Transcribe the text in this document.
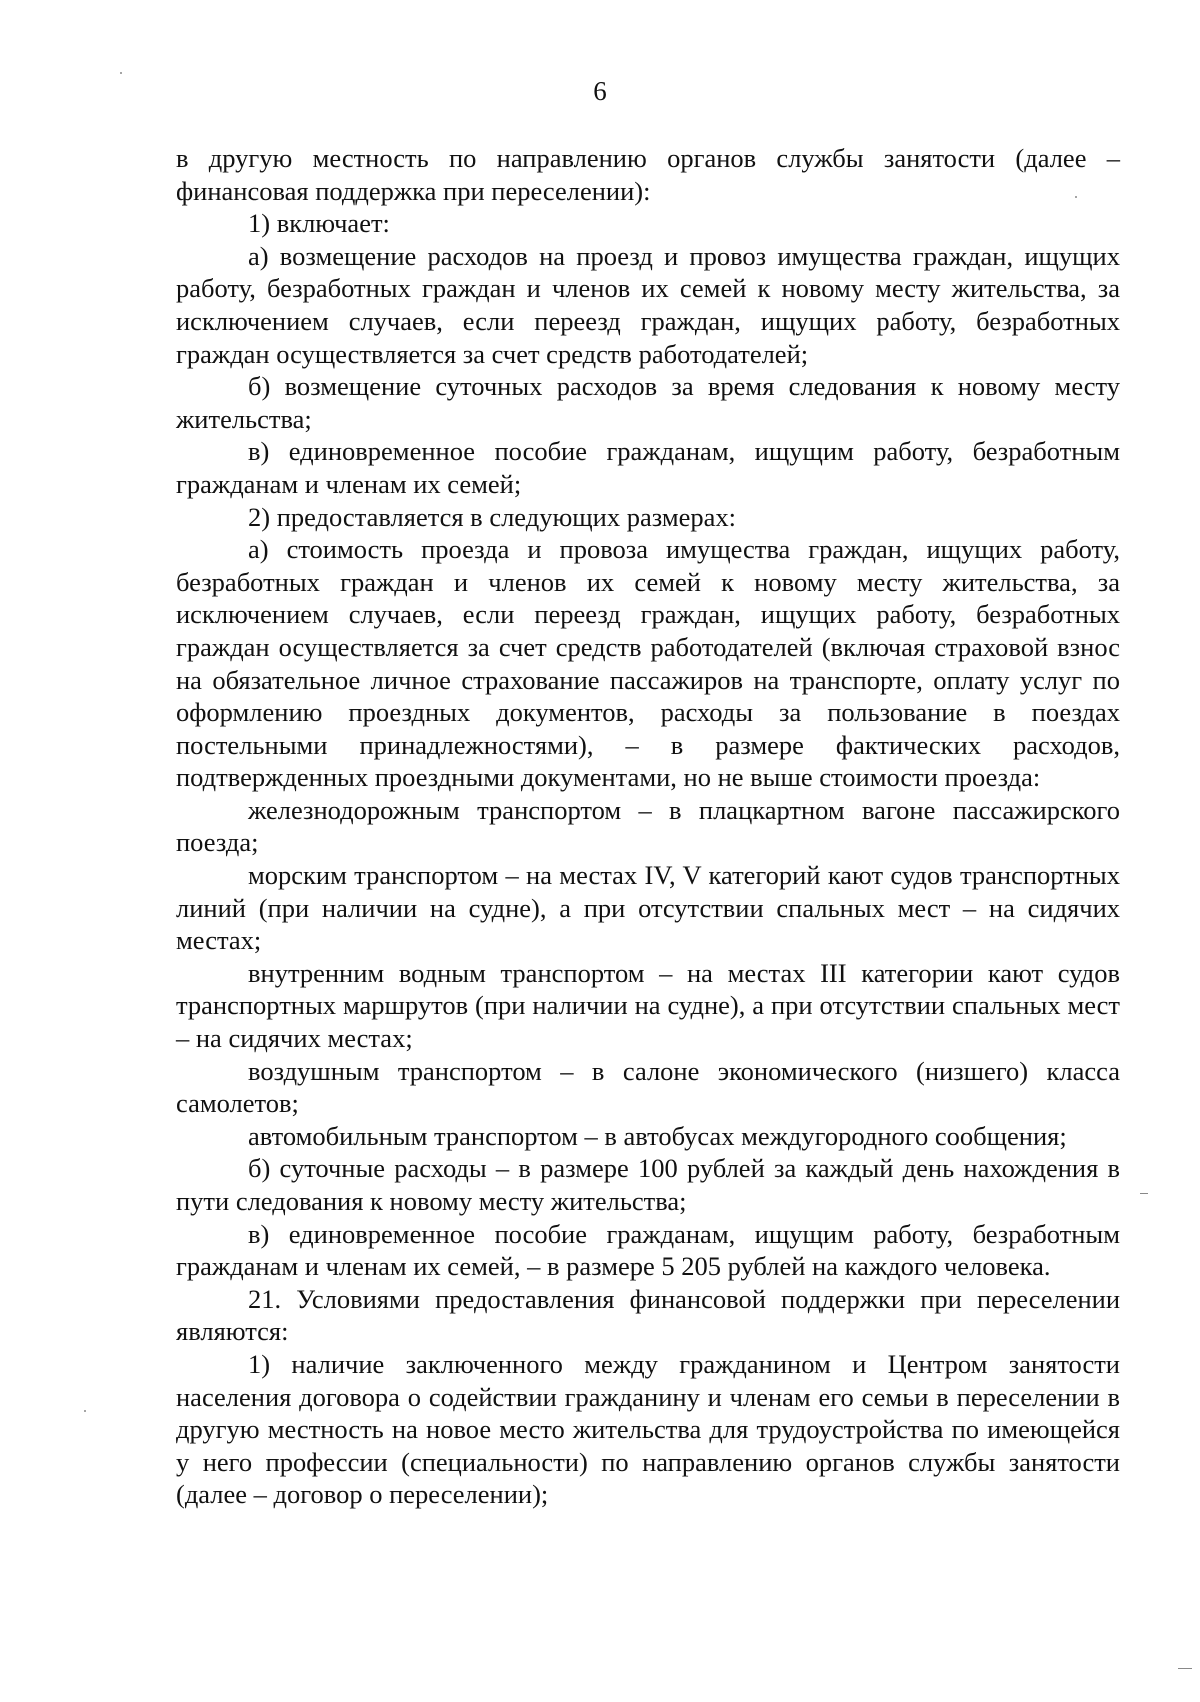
6

в другую местность по направлению органов службы занятости (далее – финансовая поддержка при переселении):

1) включает:

а) возмещение расходов на проезд и провоз имущества граждан, ищущих работу, безработных граждан и членов их семей к новому месту жительства, за исключением случаев, если переезд граждан, ищущих работу, безработных граждан осуществляется за счет средств работодателей;

б) возмещение суточных расходов за время следования к новому месту жительства;

в) единовременное пособие гражданам, ищущим работу, безработным гражданам и членам их семей;

2) предоставляется в следующих размерах:

а) стоимость проезда и провоза имущества граждан, ищущих работу, безработных граждан и членов их семей к новому месту жительства, за исключением случаев, если переезд граждан, ищущих работу, безработных граждан осуществляется за счет средств работодателей (включая страховой взнос на обязательное личное страхование пассажиров на транспорте, оплату услуг по оформлению проездных документов, расходы за пользование в поездах постельными принадлежностями), – в размере фактических расходов, подтвержденных проездными документами, но не выше стоимости проезда:

железнодорожным транспортом – в плацкартном вагоне пассажирского поезда;

морским транспортом – на местах IV, V категорий кают судов транспортных линий (при наличии на судне), а при отсутствии спальных мест – на сидячих местах;

внутренним водным транспортом – на местах III категории кают судов транспортных маршрутов (при наличии на судне), а при отсутствии спальных мест – на сидячих местах;

воздушным транспортом – в салоне экономического (низшего) класса самолетов;

автомобильным транспортом – в автобусах междугородного сообщения;

б) суточные расходы – в размере 100 рублей за каждый день нахождения в пути следования к новому месту жительства;

в) единовременное пособие гражданам, ищущим работу, безработным гражданам и членам их семей, – в размере 5 205 рублей на каждого человека.

21. Условиями предоставления финансовой поддержки при переселении являются:

1) наличие заключенного между гражданином и Центром занятости населения договора о содействии гражданину и членам его семьи в переселении в другую местность на новое место жительства для трудоустройства по имеющейся у него профессии (специальности) по направлению органов службы занятости (далее – договор о переселении);
